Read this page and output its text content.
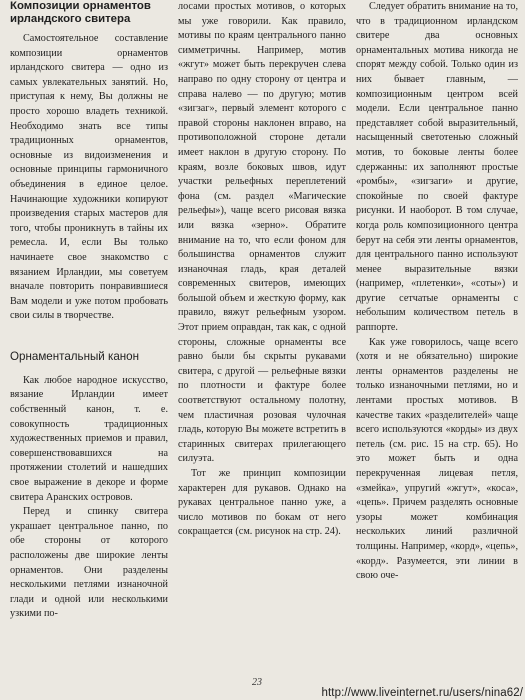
Композиции орнаментов ирландского свитера

Самостоятельное составление композиции орнаментов ирландского свитера — одно из самых увлекательных занятий. Но, приступая к нему, Вы должны не просто хорошо владеть техникой. Необходимо знать все типы традиционных орнаментов, основные из видоизменения и основные принципы гармоничного объединения в единое целое. Начинающие художники копируют произведения старых мастеров для того, чтобы проникнуть в тайны их ремесла. И, если Вы только начинаете свое знакомство с вязанием Ирландии, мы советуем вначале повторить понравившиеся Вам модели и уже потом пробовать свои силы в творчестве.

Орнаментальный канон

Как любое народное искусство, вязание Ирландии имеет собственный канон, т. е. совокупность традиционных художественных приемов и правил, совершенствовавшихся на протяжении столетий и нашедших свое выражение в декоре и форме свитера Аранских островов.

Перед и спинку свитера украшает центральное панно, по обе стороны от которого расположены две широкие ленты орнаментов. Они разделены несколькими петлями изнаночной глади и одной или несколькими узкими по-

лосами простых мотивов, о которых мы уже говорили. Как правило, мотивы по краям центрального панно симметричны. Например, мотив «жгут» может быть перекручен слева направо по одну сторону от центра и справа налево — по другую; мотив «зигзаг», первый элемент которого с правой стороны наклонен вправо, на противоположной стороне детали имеет наклон в другую сторону. По краям, возле боковых швов, идут участки рельефных переплетений фона (см. раздел «Магические рельефы»), чаще всего рисовая вязка или вязка «зерно». Обратите внимание на то, что если фоном для большинства орнаментов служит изнаночная гладь, края деталей современных свитеров, имеющих большой объем и жесткую форму, как правило, вяжут рельефным узором. Этот прием оправдан, так как, с одной стороны, сложные орнаменты все равно были бы скрыты рукавами свитера, с другой — рельефные вязки по плотности и фактуре более соответствуют остальному полотну, чем пластичная розовая чулочная гладь, которую Вы можете встретить в старинных свитерах прилегающего силуэта.

Тот же принцип композиции характерен для рукавов. Однако на рукавах центральное панно уже, а число мотивов по бокам от него сокращается (см. рисунок на стр. 24).

Следует обратить внимание на то, что в традиционном ирландском свитере два основных орнаментальных мотива никогда не спорят между собой. Только один из них бывает главным, — композиционным центром всей модели. Если центральное панно представляет собой выразительный, насыщенный светотенью сложный мотив, то боковые ленты более сдержанны: их заполняют простые «ромбы», «зигзаги» и другие, спокойные по своей фактуре рисунки. И наоборот. В том случае, когда роль композиционного центра берут на себя эти ленты орнаментов, для центрального панно используют менее выразительные вязки (например, «плетенки», «соты») и другие сетчатые орнаменты с небольшим количеством петель в раппорте.

Как уже говорилось, чаще всего (хотя и не обязательно) широкие ленты орнаментов разделены не только изнаночными петлями, но и лентами простых мотивов. В качестве таких «разделителей» чаще всего используются «корды» из двух петель (см. рис. 15 на стр. 65). Но это может быть и одна перекрученная лицевая петля, «змейка», упругий «жгут», «коса», «цепь». Причем разделять основные узоры может комбинация нескольких линий различной толщины. Например, «корд», «цепь», «корд». Разумеется, эти линии в свою оче-

23
http://www.liveinternet.ru/users/nina62/
